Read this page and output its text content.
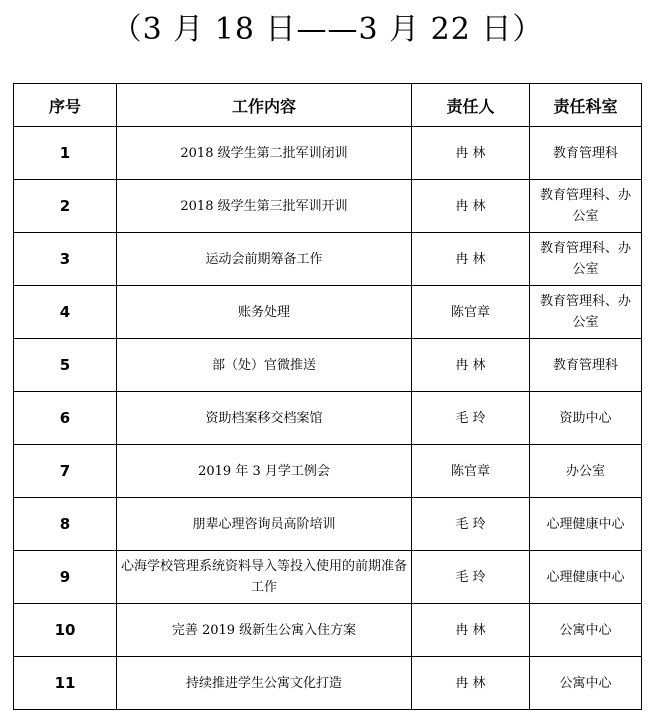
（3 月 18 日——3 月 22 日）
序号	工作内容	责任人	责任科室
1	2018 级学生第二批军训闭训	冉 林	教育管理科
2	2018 级学生第三批军训开训	冉 林	教育管理科、办公室
3	运动会前期筹备工作	冉 林	教育管理科、办公室
4	账务处理	陈官章	教育管理科、办公室
5	部（处）官微推送	冉 林	教育管理科
6	资助档案移交档案馆	毛 玲	资助中心
7	2019 年 3 月学工例会	陈官章	办公室
8	朋辈心理咨询员高阶培训	毛 玲	心理健康中心
9	心海学校管理系统资料导入等投入使用的前期准备工作	毛 玲	心理健康中心
10	完善 2019 级新生公寓入住方案	冉 林	公寓中心
11	持续推进学生公寓文化打造	冉 林	公寓中心
